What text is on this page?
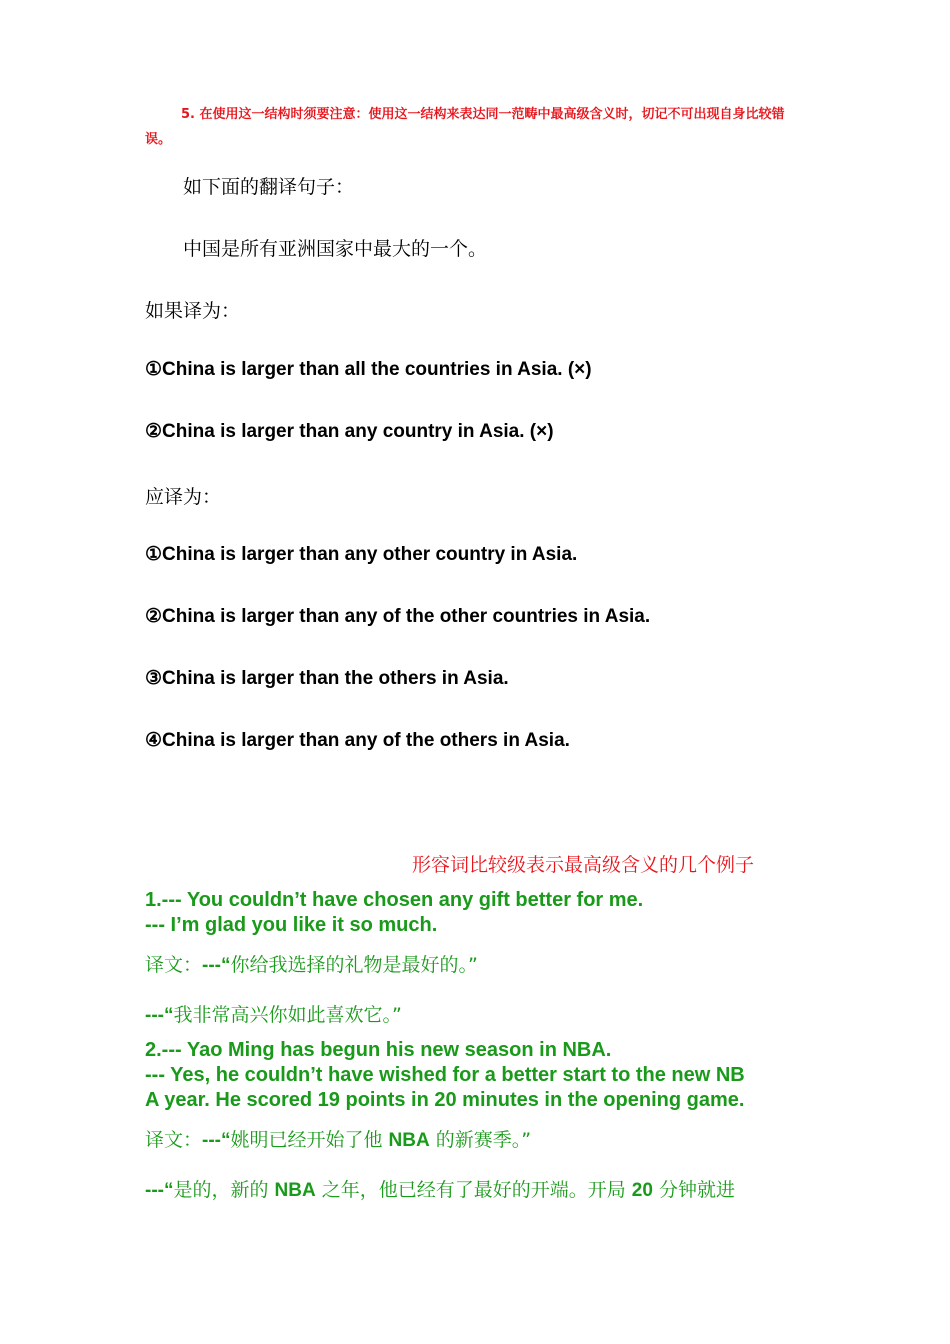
5. 在使用这一结构时须要注意：使用这一结构来表达同一范畴中最高级含义时，切记不可出现自身比较错误。
如下面的翻译句子：
中国是所有亚洲国家中最大的一个。
如果译为：
①China is larger than all the countries in Asia. (×)
②China is larger than any country in Asia. (×)
应译为：
①China is larger than any other country in Asia.
②China is larger than any of the other countries in Asia.
③China is larger than the others in Asia.
④China is larger than any of the others in Asia.
形容词比较级表示最高级含义的几个例子
1.--- You couldn’t have chosen any gift better for me.
--- I’m glad you like it so much.
译文：---“你给我选择的礼物是最好的。”
---“我非常高兴你如此喜欢它。”
2.--- Yao Ming has begun his new season in NBA.
--- Yes, he couldn’t have wished for a better start to the new NB
A year. He scored 19 points in 20 minutes in the opening game.
译文：---“姚明已经开始了他 NBA 的新赛季。”
---“是的，新的 NBA 之年，他已经有了最好的开端。开局 20 分钟就进
